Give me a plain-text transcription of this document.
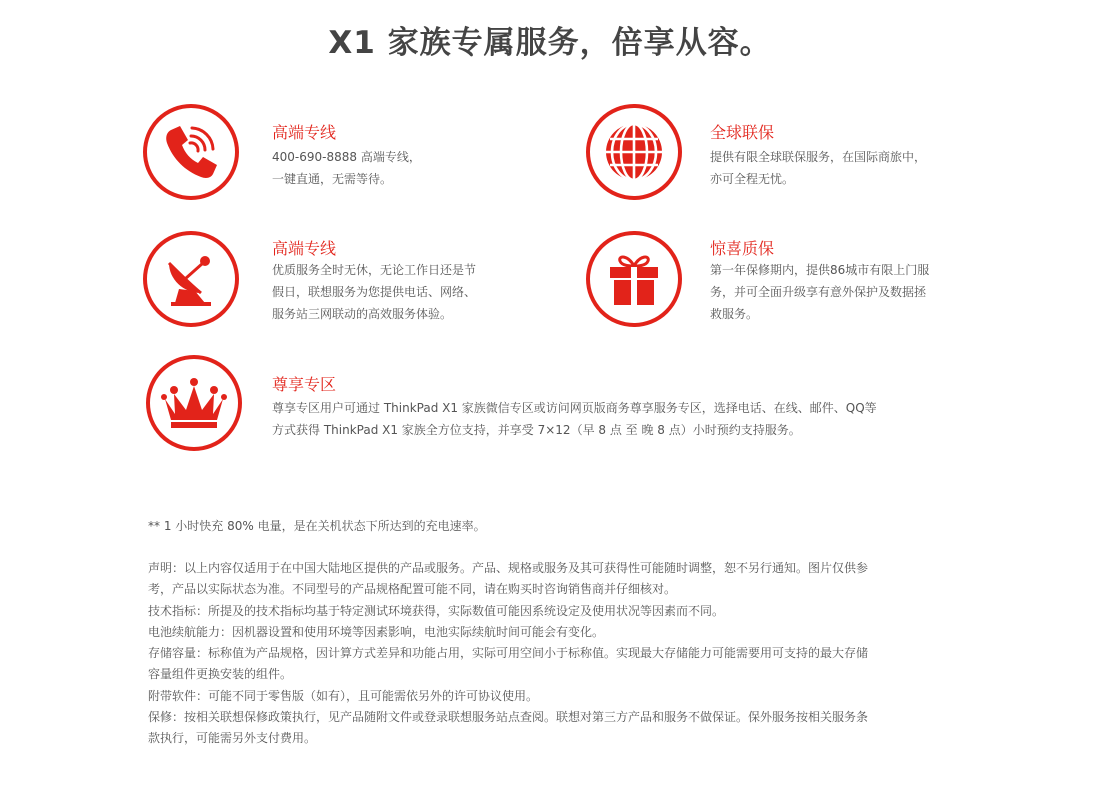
X1 家族专属服务，倍享从容。
高端专线
400-690-8888 高端专线，
一键直通，无需等待。
全球联保
提供有限全球联保服务，在国际商旅中，
亦可全程无忧。
高端专线
优质服务全时无休，无论工作日还是节
假日，联想服务为您提供电话、网络、
服务站三网联动的高效服务体验。
惊喜质保
第一年保修期内，提供86城市有限上门服
务，并可全面升级享有意外保护及数据拯
救服务。
尊享专区
尊享专区用户可通过 ThinkPad X1 家族微信专区或访问网页版商务尊享服务专区，选择电话、在线、邮件、QQ等
方式获得 ThinkPad X1 家族全方位支持，并享受 7×12（早 8 点 至 晚 8 点）小时预约支持服务。
** 1 小时快充 80% 电量，是在关机状态下所达到的充电速率。

声明：以上内容仅适用于在中国大陆地区提供的产品或服务。产品、规格或服务及其可获得性可能随时调整，恕不另行通知。图片仅供参
考，产品以实际状态为准。不同型号的产品规格配置可能不同，请在购买时咨询销售商并仔细核对。

技术指标：所提及的技术指标均基于特定测试环境获得，实际数值可能因系统设定及使用状况等因素而不同。

电池续航能力：因机器设置和使用环境等因素影响，电池实际续航时间可能会有变化。

存储容量：标称值为产品规格，因计算方式差异和功能占用，实际可用空间小于标称值。实现最大存储能力可能需要用可支持的最大存储
容量组件更换安装的组件。

附带软件：可能不同于零售版（如有），且可能需依另外的许可协议使用。

保修：按相关联想保修政策执行，见产品随附文件或登录联想服务站点查阅。联想对第三方产品和服务不做保证。保外服务按相关服务条
款执行，可能需另外支付费用。
